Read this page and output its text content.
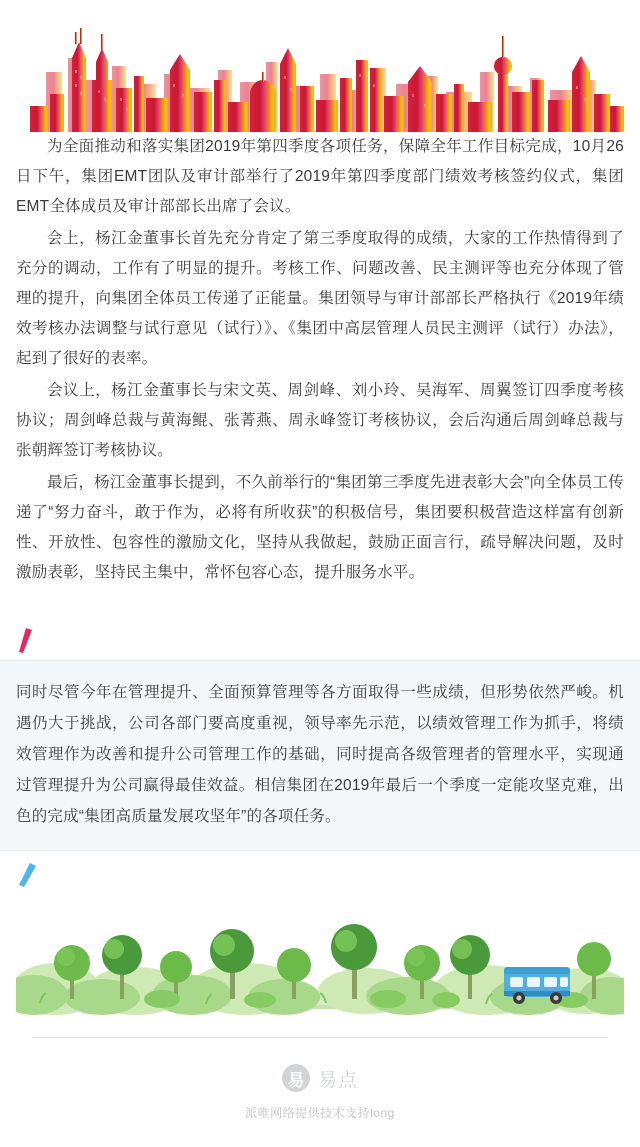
为全面推动和落实集团2019年第四季度各项任务，保障全年工作目标完成，10月26日下午，集团EMT团队及审计部举行了2019年第四季度部门绩效考核签约仪式，集团EMT全体成员及审计部部长出席了会议。

会上，杨江金董事长首先充分肯定了第三季度取得的成绩，大家的工作热情得到了充分的调动，工作有了明显的提升。考核工作、问题改善、民主测评等也充分体现了管理的提升，向集团全体员工传递了正能量。集团领导与审计部部长严格执行《2019年绩效考核办法调整与试行意见（试行）》、《集团中高层管理人员民主测评（试行）办法》，起到了很好的表率。

会议上，杨江金董事长与宋文英、周剑峰、刘小玲、吴海军、周翼签订四季度考核协议；周剑峰总裁与黄海鲲、张菁燕、周永峰签订考核协议，会后沟通后周剑峰总裁与张朝辉签订考核协议。

最后，杨江金董事长提到，不久前举行的“集团第三季度先进表彰大会”向全体员工传递了“努力奋斗，敢于作为，必将有所收获”的积极信号，集团要积极营造这样富有创新性、开放性、包容性的激励文化，坚持从我做起，鼓励正面言行，疏导解决问题，及时激励表彰，坚持民主集中，常怀包容心态，提升服务水平。

同时尽管今年在管理提升、全面预算管理等各方面取得一些成绩，但形势依然严峻。机遇仍大于挑战，公司各部门要高度重视，领导率先示范，以绩效管理工作为抓手，将绩效管理作为改善和提升公司管理工作的基础，同时提高各级管理者的管理水平，实现通过管理提升为公司赢得最佳效益。相信集团在2019年最后一个季度一定能攻坚克难，出色的完成“集团高质量发展攻坚年”的各项任务。

易 易点
派唯网络提供技术支持long
